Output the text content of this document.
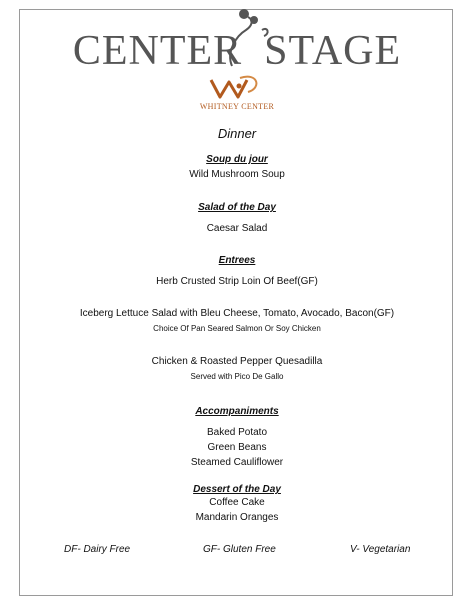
CENTER STAGE
WHITNEY CENTER
Dinner
Soup du jour
Wild Mushroom Soup
Salad of the Day
Caesar Salad
Entrees
Herb Crusted Strip Loin Of Beef(GF)
Iceberg Lettuce Salad with Bleu Cheese, Tomato, Avocado, Bacon(GF)
Choice Of Pan Seared Salmon Or Soy Chicken
Chicken & Roasted Pepper Quesadilla
Served with Pico De Gallo
Accompaniments
Baked Potato
Green Beans
Steamed Cauliflower
Dessert of the Day
Coffee Cake
Mandarin Oranges
DF- Dairy Free	GF- Gluten Free	V- Vegetarian
